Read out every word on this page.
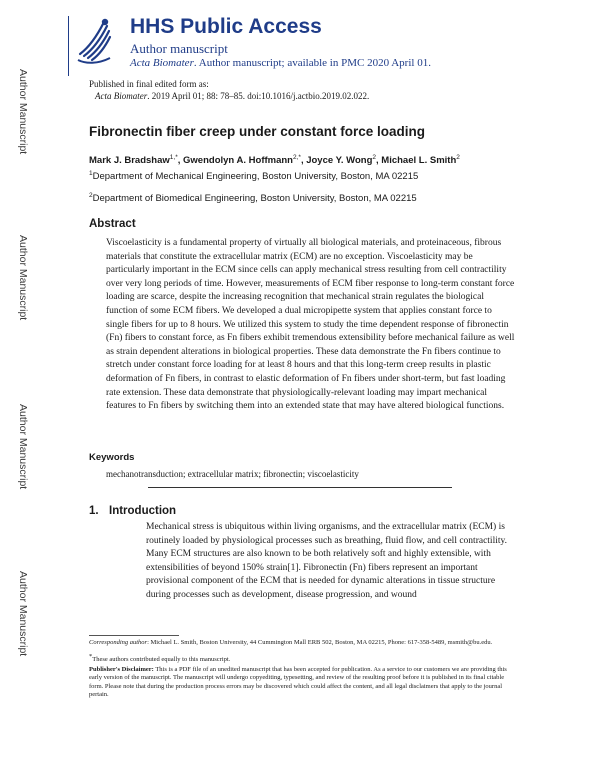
Author Manuscript
Author Manuscript
Author Manuscript
Author Manuscript
HHS Public Access
Author manuscript
Acta Biomater. Author manuscript; available in PMC 2020 April 01.
Published in final edited form as:
Acta Biomater. 2019 April 01; 88: 78–85. doi:10.1016/j.actbio.2019.02.022.
Fibronectin fiber creep under constant force loading
Mark J. Bradshaw$^{1,*}$, Gwendolyn A. Hoffmann$^{2,*}$, Joyce Y. Wong$^2$, Michael L. Smith$^2$
$^1$Department of Mechanical Engineering, Boston University, Boston, MA 02215
$^2$Department of Biomedical Engineering, Boston University, Boston, MA 02215
Abstract

Viscoelasticity is a fundamental property of virtually all biological materials, and proteinaceous, fibrous materials that constitute the extracellular matrix (ECM) are no exception. Viscoelasticity may be particularly important in the ECM since cells can apply mechanical stress resulting from cell contractility over very long periods of time. However, measurements of ECM fiber response to long-term constant force loading are scarce, despite the increasing recognition that mechanical strain regulates the biological function of some ECM fibers. We developed a dual micropipette system that applies constant force to single fibers for up to 8 hours. We utilized this system to study the time dependent response of fibronectin (Fn) fibers to constant force, as Fn fibers exhibit tremendous extensibility before mechanical failure as well as strain dependent alterations in biological properties. These data demonstrate the Fn fibers continue to stretch under constant force loading for at least 8 hours and that this long-term creep results in plastic deformation of Fn fibers, in contrast to elastic deformation of Fn fibers under short-term, but fast loading rate extension. These data demonstrate that physiologically-relevant loading may impart mechanical features to Fn fibers by switching them into an extended state that may have altered biological functions.

Keywords
mechanotransduction; extracellular matrix; fibronectin; viscoelasticity
1. Introduction

Mechanical stress is ubiquitous within living organisms, and the extracellular matrix (ECM) is routinely loaded by physiological processes such as breathing, fluid flow, and cell contractility. Many ECM structures are also known to be both relatively soft and highly extensible, with extensibilities of beyond 150% strain[1]. Fibronectin (Fn) fibers represent an important provisional component of the ECM that is needed for dynamic alterations in tissue structure during processes such as development, disease progression, and wound

Corresponding author: Michael L. Smith, Boston University, 44 Cummington Mall ERB 502, Boston, MA 02215, Phone: 617-358-5489, msmith@bu.edu.

*These authors contributed equally to this manuscript.

Publisher's Disclaimer: This is a PDF file of an unedited manuscript that has been accepted for publication. As a service to our customers we are providing this early version of the manuscript. The manuscript will undergo copyediting, typesetting, and review of the resulting proof before it is published in its final citable form. Please note that during the production process errors may be discovered which could affect the content, and all legal disclaimers that apply to the journal pertain.
